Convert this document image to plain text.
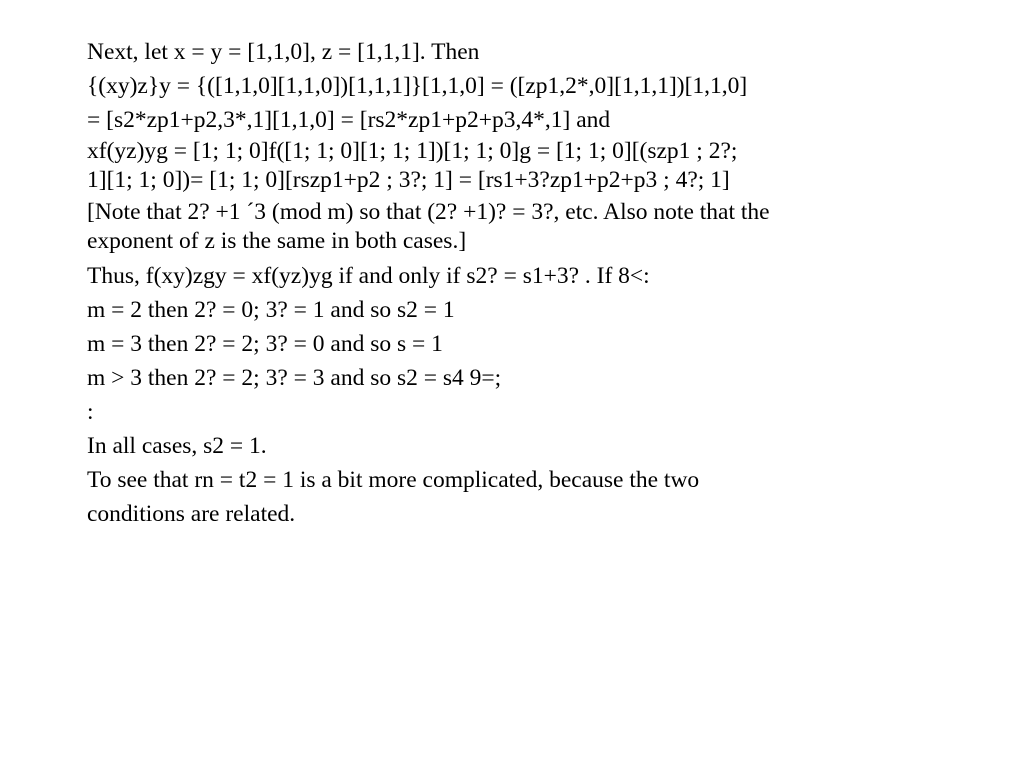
Next, let x = y = [1,1,0], z = [1,1,1]. Then

{(xy)z}y = {([1,1,0][1,1,0])[1,1,1]}[1,1,0] = ([zp1,2*,0][1,1,1])[1,1,0]

= [s2*zp1+p2,3*,1][1,1,0] = [rs2*zp1+p2+p3,4*,1] and

xf(yz)yg = [1; 1; 0]f([1; 1; 0][1; 1; 1])[1; 1; 0]g = [1; 1; 0][(szp1 ; 2?;
1][1; 1; 0])= [1; 1; 0][rszp1+p2 ; 3?; 1] = [rs1+3?zp1+p2+p3 ; 4?; 1]

[Note that 2? +1 ´3 (mod m) so that (2? +1)? = 3?, etc. Also note that the
exponent of z is the same in both cases.]

Thus, f(xy)zgy = xf(yz)yg if and only if s2? = s1+3? . If 8<:

m = 2 then 2? = 0; 3? = 1 and so s2 = 1

m = 3 then 2? = 2; 3? = 0 and so s = 1

m > 3 then 2? = 2; 3? = 3 and so s2 = s4 9=;

:

In all cases, s2 = 1.

To see that rn = t2 = 1 is a bit more complicated, because the two

conditions are related.
